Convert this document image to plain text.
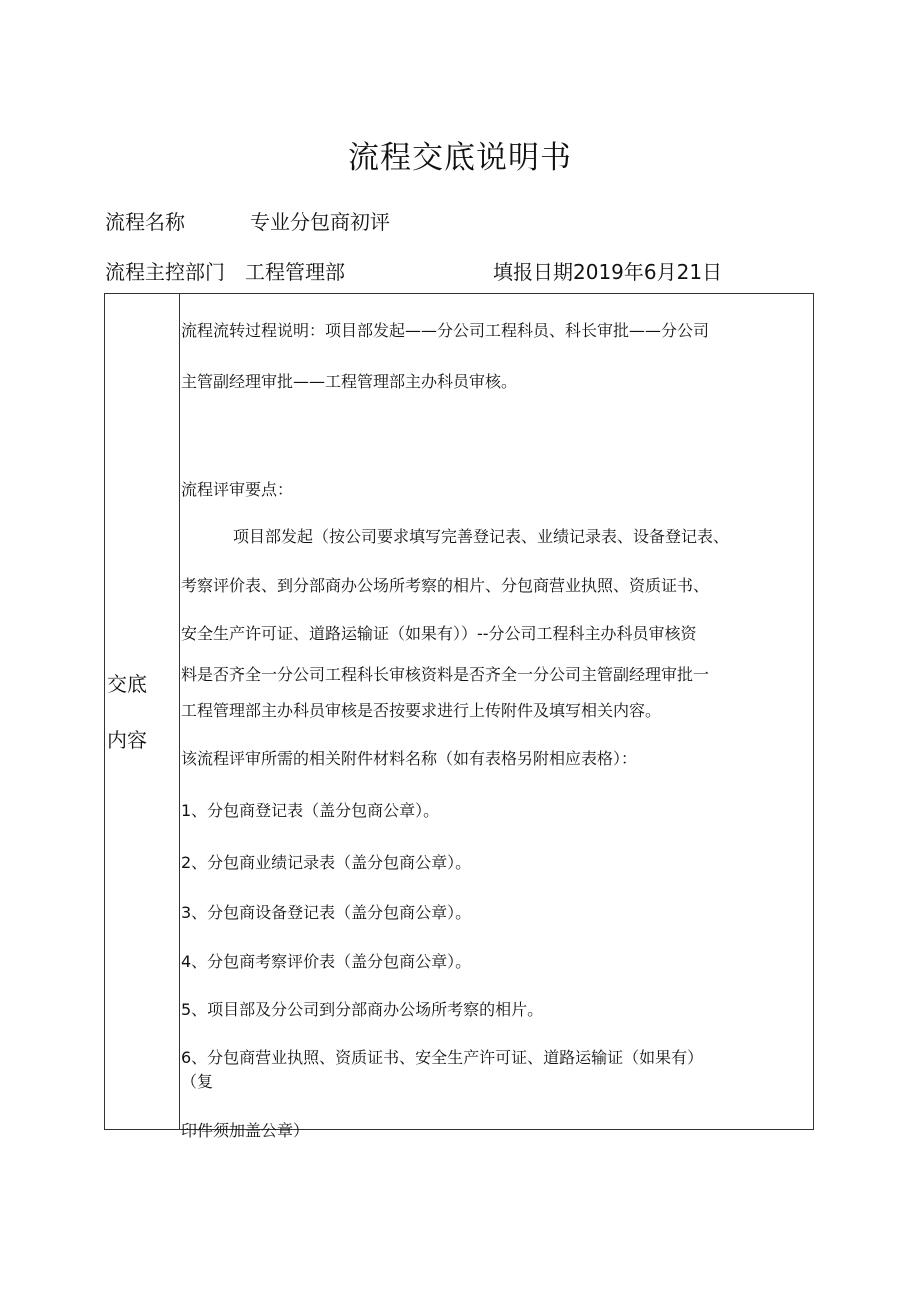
流程交底说明书
流程名称	专业分包商初评
流程主控部门 工程管理部	填报日期2019年6月21日
交底
内容
流程流转过程说明：项目部发起——分公司工程科员、科长审批——分公司
主管副经理审批——工程管理部主办科员审核。
流程评审要点：
项目部发起（按公司要求填写完善登记表、业绩记录表、设备登记表、
考察评价表、到分部商办公场所考察的相片、分包商营业执照、资质证书、
安全生产许可证、道路运输证（如果有））--分公司工程科主办科员审核资
料是否齐全一分公司工程科长审核资料是否齐全一分公司主管副经理审批一
工程管理部主办科员审核是否按要求进行上传附件及填写相关内容。
该流程评审所需的相关附件材料名称（如有表格另附相应表格）：
1、分包商登记表（盖分包商公章）。
2、分包商业绩记录表（盖分包商公章）。
3、分包商设备登记表（盖分包商公章）。
4、分包商考察评价表（盖分包商公章）。
5、项目部及分公司到分部商办公场所考察的相片。
6、分包商营业执照、资质证书、安全生产许可证、道路运输证（如果有）
（复
印件须加盖公章）
